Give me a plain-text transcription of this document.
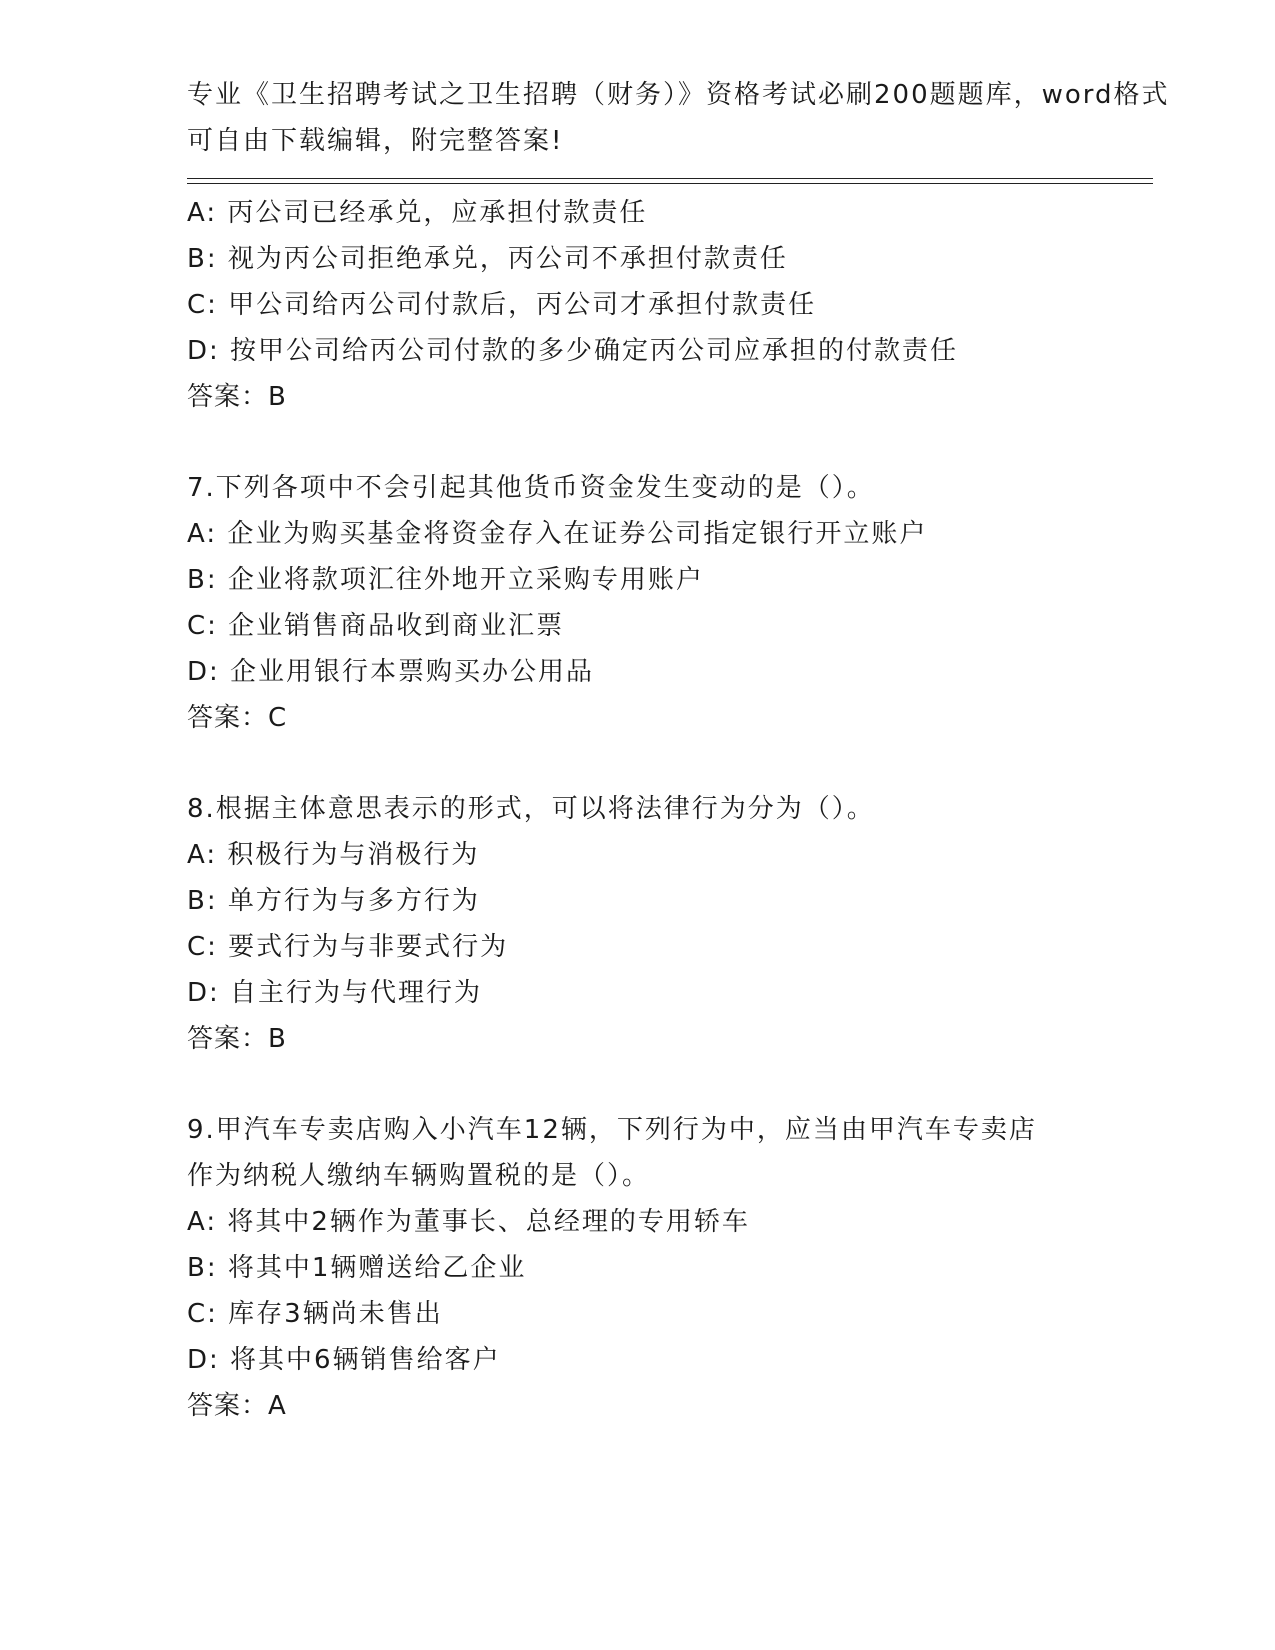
专业《卫生招聘考试之卫生招聘（财务）》资格考试必刷200题题库，word格式
可自由下载编辑，附完整答案!
A: 丙公司已经承兑，应承担付款责任
B: 视为丙公司拒绝承兑，丙公司不承担付款责任
C: 甲公司给丙公司付款后，丙公司才承担付款责任
D: 按甲公司给丙公司付款的多少确定丙公司应承担的付款责任
答案：B
7.下列各项中不会引起其他货币资金发生变动的是（）。
A: 企业为购买基金将资金存入在证券公司指定银行开立账户
B: 企业将款项汇往外地开立采购专用账户
C: 企业销售商品收到商业汇票
D: 企业用银行本票购买办公用品
答案：C
8.根据主体意思表示的形式，可以将法律行为分为（）。
A: 积极行为与消极行为
B: 单方行为与多方行为
C: 要式行为与非要式行为
D: 自主行为与代理行为
答案：B
9.甲汽车专卖店购入小汽车12辆，下列行为中，应当由甲汽车专卖店
作为纳税人缴纳车辆购置税的是（）。
A: 将其中2辆作为董事长、总经理的专用轿车
B: 将其中1辆赠送给乙企业
C: 库存3辆尚未售出
D: 将其中6辆销售给客户
答案：A
